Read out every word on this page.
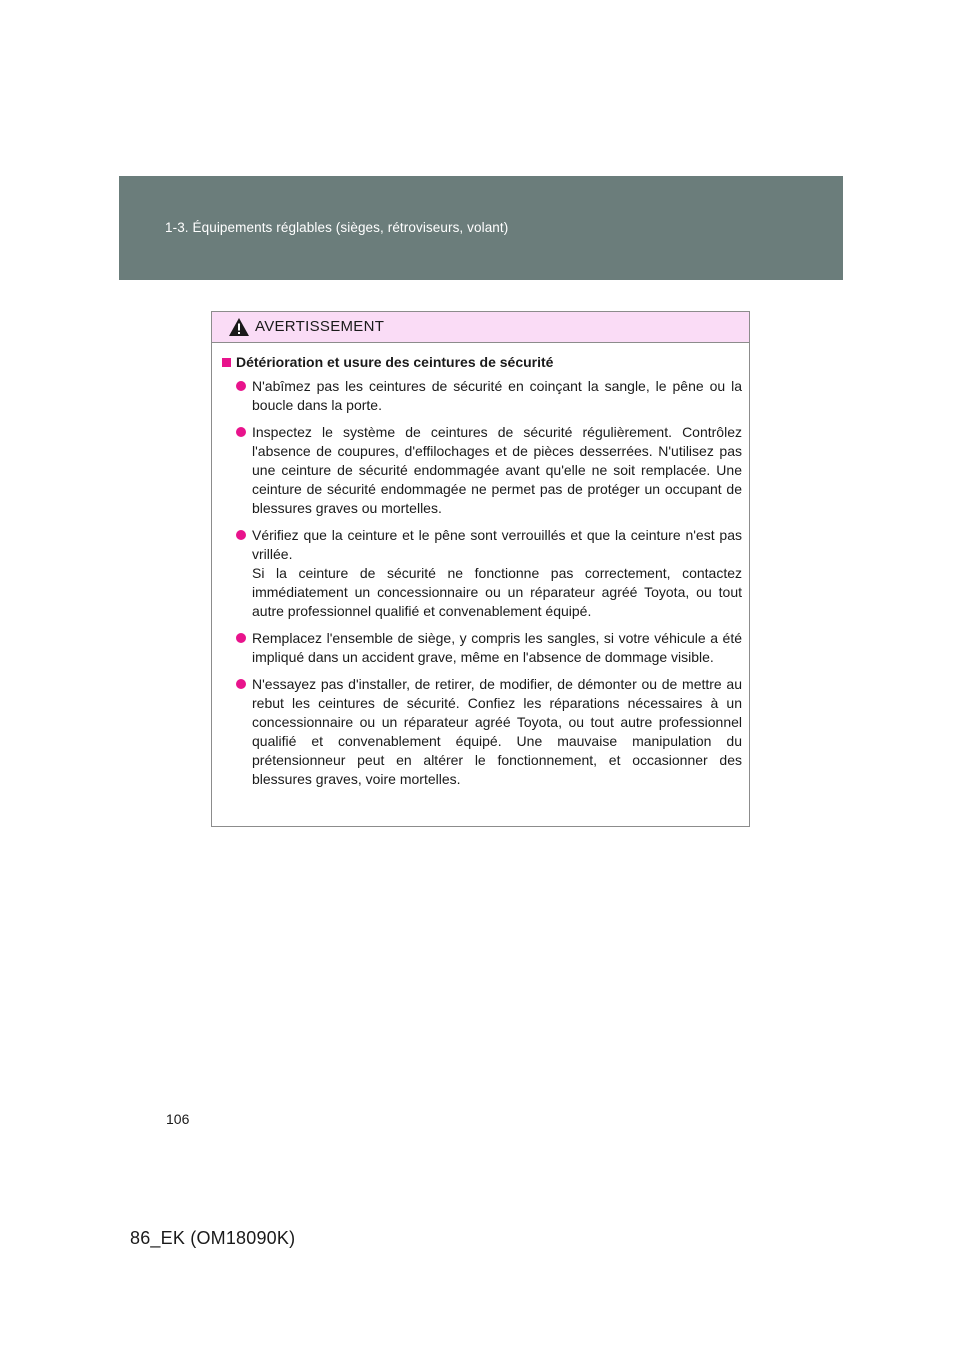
1-3. Équipements réglables (sièges, rétroviseurs, volant)
AVERTISSEMENT
Détérioration et usure des ceintures de sécurité

N'abîmez pas les ceintures de sécurité en coinçant la sangle, le pêne ou la boucle dans la porte.

Inspectez le système de ceintures de sécurité régulièrement. Contrôlez l'absence de coupures, d'effilochages et de pièces desserrées. N'utilisez pas une ceinture de sécurité endommagée avant qu'elle ne soit remplacée. Une ceinture de sécurité endommagée ne permet pas de protéger un occupant de blessures graves ou mortelles.

Vérifiez que la ceinture et le pêne sont verrouillés et que la ceinture n'est pas vrillée.

Si la ceinture de sécurité ne fonctionne pas correctement, contactez immédiatement un concessionnaire ou un réparateur agréé Toyota, ou tout autre professionnel qualifié et convenablement équipé.

Remplacez l'ensemble de siège, y compris les sangles, si votre véhicule a été impliqué dans un accident grave, même en l'absence de dommage visible.

N'essayez pas d'installer, de retirer, de modifier, de démonter ou de mettre au rebut les ceintures de sécurité. Confiez les réparations nécessaires à un concessionnaire ou un réparateur agréé Toyota, ou tout autre professionnel qualifié et convenablement équipé. Une mauvaise manipulation du prétensionneur peut en altérer le fonctionnement, et occasionner des blessures graves, voire mortelles.

106
86_EK (OM18090K)
